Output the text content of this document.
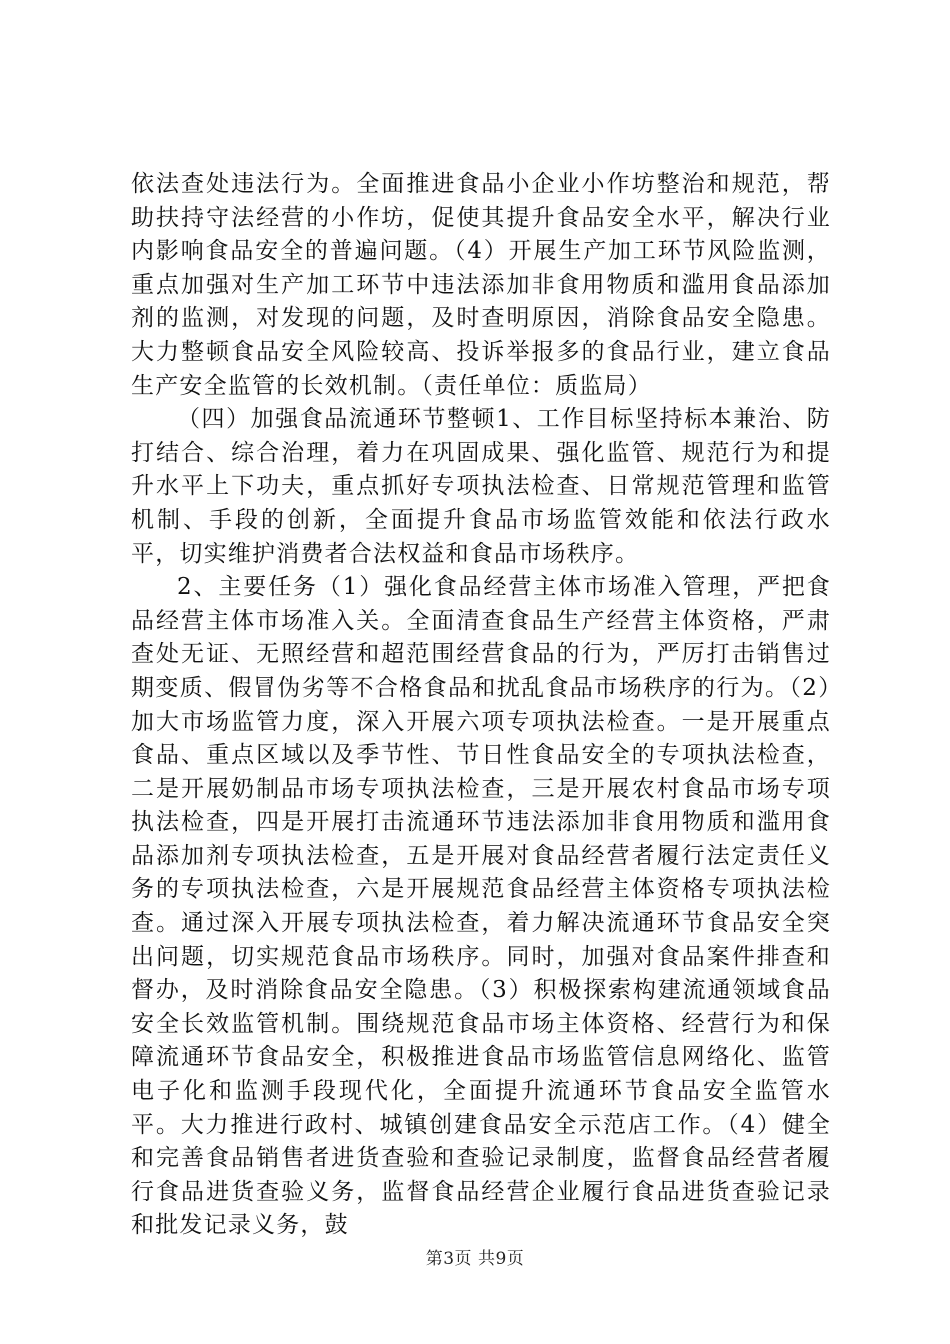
依法查处违法行为。全面推进食品小企业小作坊整治和规范，帮助扶持守法经营的小作坊，促使其提升食品安全水平，解决行业内影响食品安全的普遍问题。（4）开展生产加工环节风险监测，重点加强对生产加工环节中违法添加非食用物质和滥用食品添加剂的监测，对发现的问题，及时查明原因，消除食品安全隐患。大力整顿食品安全风险较高、投诉举报多的食品行业，建立食品生产安全监管的长效机制。（责任单位：质监局）

（四）加强食品流通环节整顿1、工作目标坚持标本兼治、防打结合、综合治理，着力在巩固成果、强化监管、规范行为和提升水平上下功夫，重点抓好专项执法检查、日常规范管理和监管机制、手段的创新，全面提升食品市场监管效能和依法行政水平，切实维护消费者合法权益和食品市场秩序。

2、主要任务（1）强化食品经营主体市场准入管理，严把食品经营主体市场准入关。全面清查食品生产经营主体资格，严肃查处无证、无照经营和超范围经营食品的行为，严厉打击销售过期变质、假冒伪劣等不合格食品和扰乱食品市场秩序的行为。（2）加大市场监管力度，深入开展六项专项执法检查。一是开展重点食品、重点区域以及季节性、节日性食品安全的专项执法检查，二是开展奶制品市场专项执法检查，三是开展农村食品市场专项执法检查，四是开展打击流通环节违法添加非食用物质和滥用食品添加剂专项执法检查，五是开展对食品经营者履行法定责任义务的专项执法检查，六是开展规范食品经营主体资格专项执法检查。通过深入开展专项执法检查，着力解决流通环节食品安全突出问题，切实规范食品市场秩序。同时，加强对食品案件排查和督办，及时消除食品安全隐患。（3）积极探索构建流通领域食品安全长效监管机制。围绕规范食品市场主体资格、经营行为和保障流通环节食品安全，积极推进食品市场监管信息网络化、监管电子化和监测手段现代化，全面提升流通环节食品安全监管水平。大力推进行政村、城镇创建食品安全示范店工作。（4）健全和完善食品销售者进货查验和查验记录制度，监督食品经营者履行食品进货查验义务，监督食品经营企业履行食品进货查验记录和批发记录义务，鼓

第3页 共9页
